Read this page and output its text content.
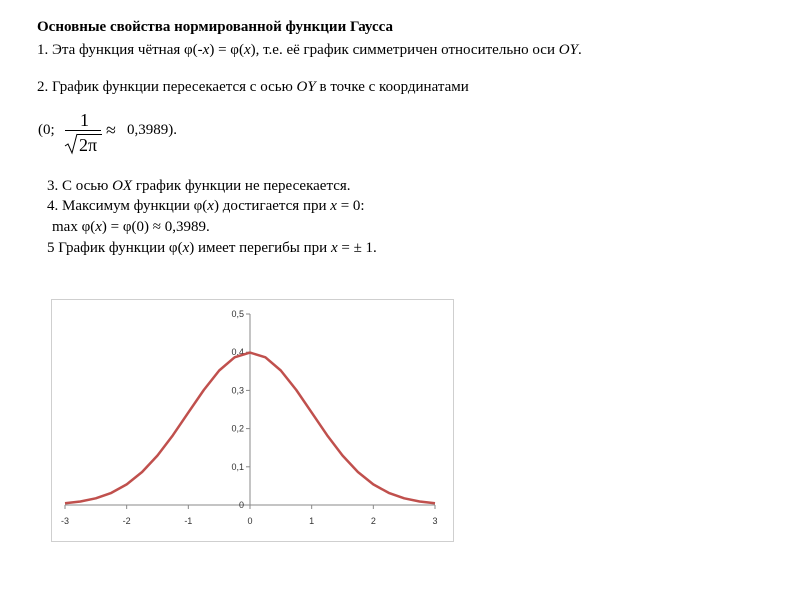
Основные свойства нормированной функции Гаусса
1. Эта функция чётная φ(-x) = φ(x), т.е. её график симметричен относительно оси OY.
2. График функции пересекается с осью OY в точке с координатами
(0; 1
2π
≈ 0,3989).
3. С осью OX график функции не пересекается.
4. Максимум функции φ(x) достигается при x = 0:
max φ(x) = φ(0) ≈ 0,3989.
5 График функции φ(x) имеет перегибы при x = ± 1.
-3	-2	-1	0	1	2	3
0
0,1
0,2
0,3
0,4
0,5
